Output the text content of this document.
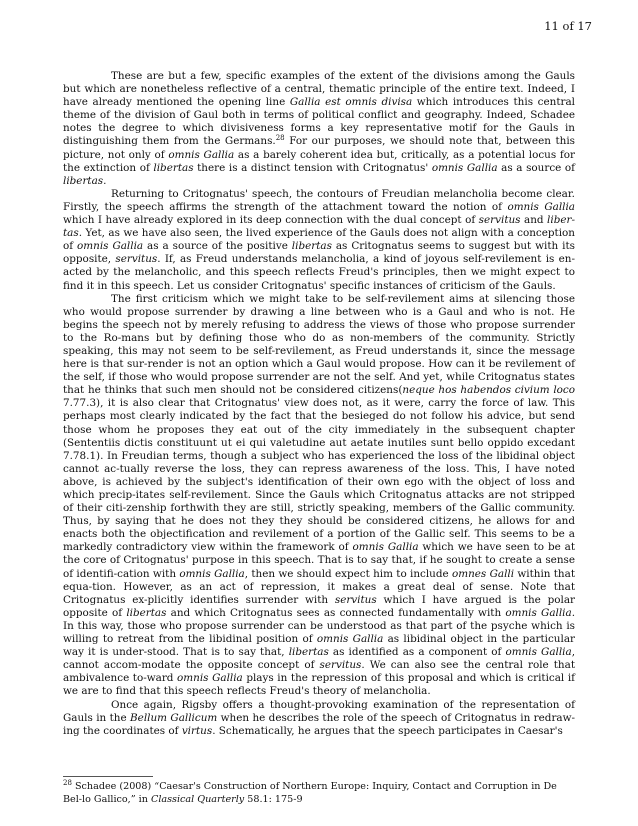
11 of 17

These are but a few, specific examples of the extent of the divisions among the Gauls but which are nonetheless reflective of a central, thematic principle of the entire text. Indeed, I have already mentioned the opening line Gallia est omnis divisa which introduces this central theme of the division of Gaul both in terms of political conflict and geography. Indeed, Schadee notes the degree to which divisiveness forms a key representative motif for the Gauls in distinguishing them from the Germans.$^{28}$ For our purposes, we should note that, between this picture, not only of omnis Gallia as a barely coherent idea but, critically, as a potential locus for the extinction of libertas there is a distinct tension with Critognatus' omnis Gallia as a source of libertas.

Returning to Critognatus' speech, the contours of Freudian melancholia become clear. Firstly, the speech affirms the strength of the attachment toward the notion of omnis Gallia which I have already explored in its deep connection with the dual concept of servitus and liber-tas. Yet, as we have also seen, the lived experience of the Gauls does not align with a conception of omnis Gallia as a source of the positive libertas as Critognatus seems to suggest but with its opposite, servitus. If, as Freud understands melancholia, a kind of joyous self-revilement is en-acted by the melancholic, and this speech reflects Freud's principles, then we might expect to find it in this speech. Let us consider Critognatus' specific instances of criticism of the Gauls.

The first criticism which we might take to be self-revilement aims at silencing those who would propose surrender by drawing a line between who is a Gaul and who is not. He begins the speech not by merely refusing to address the views of those who propose surrender to the Ro-mans but by defining those who do as non-members of the community. Strictly speaking, this may not seem to be self-revilement, as Freud understands it, since the message here is that sur-render is not an option which a Gaul would propose. How can it be revilement of the self, if those who would propose surrender are not the self. And yet, while Critognatus states that he thinks that such men should not be considered citizens(neque hos habendos civium loco 7.77.3), it is also clear that Critognatus' view does not, as it were, carry the force of law. This perhaps most clearly indicated by the fact that the besieged do not follow his advice, but send those whom he proposes they eat out of the city immediately in the subsequent chapter (Sententiis dictis constituunt ut ei qui valetudine aut aetate inutiles sunt bello oppido excedant 7.78.1). In Freudian terms, though a subject who has experienced the loss of the libidinal object cannot ac-tually reverse the loss, they can repress awareness of the loss. This, I have noted above, is achieved by the subject's identification of their own ego with the object of loss and which precip-itates self-revilement. Since the Gauls which Critognatus attacks are not stripped of their citi-zenship forthwith they are still, strictly speaking, members of the Gallic community. Thus, by saying that he does not they they should be considered citizens, he allows for and enacts both the objectification and revilement of a portion of the Gallic self. This seems to be a markedly contradictory view within the framework of omnis Gallia which we have seen to be at the core of Critognatus' purpose in this speech. That is to say that, if he sought to create a sense of identifi-cation with omnis Gallia, then we should expect him to include omnes Galli within that equa-tion. However, as an act of repression, it makes a great deal of sense. Note that Critognatus ex-plicitly identifies surrender with servitus which I have argued is the polar opposite of libertas and which Critognatus sees as connected fundamentally with omnis Gallia. In this way, those who propose surrender can be understood as that part of the psyche which is willing to retreat from the libidinal position of omnis Gallia as libidinal object in the particular way it is under-stood. That is to say that, libertas as identified as a component of omnis Gallia, cannot accom-modate the opposite concept of servitus. We can also see the central role that ambivalence to-ward omnis Gallia plays in the repression of this proposal and which is critical if we are to find that this speech reflects Freud's theory of melancholia.

Once again, Rigsby offers a thought-provoking examination of the representation of Gauls in the Bellum Gallicum when he describes the role of the speech of Critognatus in redraw-ing the coordinates of virtus. Schematically, he argues that the speech participates in Caesar's

$^{28}$ Schadee (2008) “Caesar's Construction of Northern Europe: Inquiry, Contact and Corruption in De Bel-lo Gallico,” in Classical Quarterly 58.1: 175-9
